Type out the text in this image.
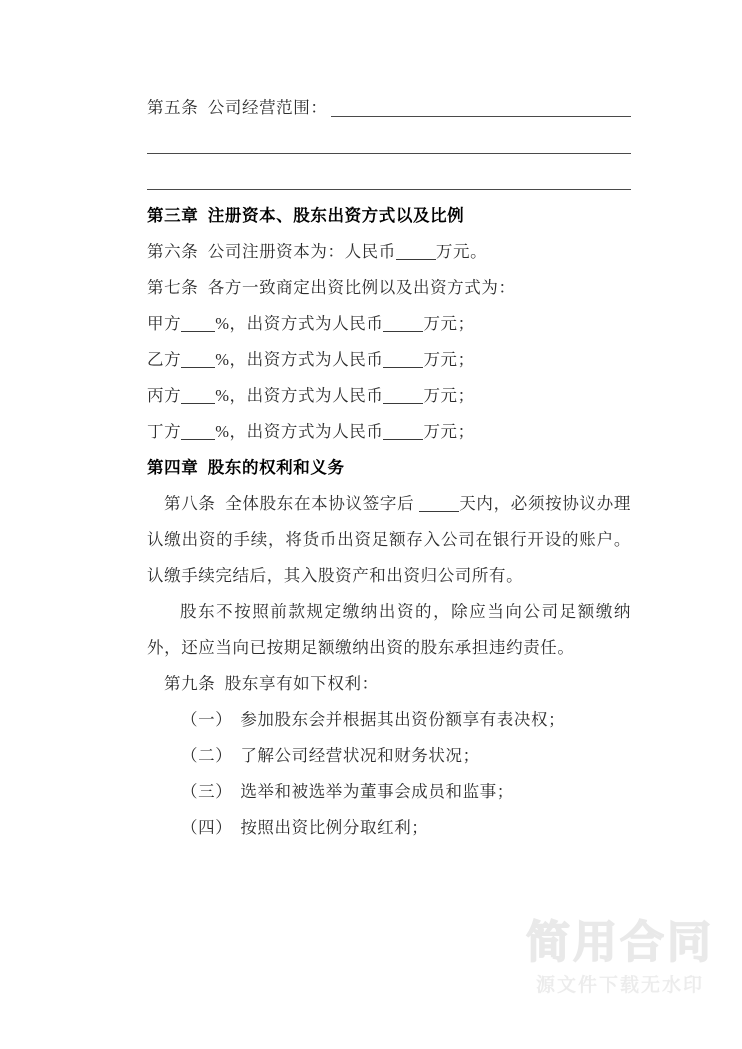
第五条 公司经营范围：
第三章 注册资本、股东出资方式以及比例
第六条 公司注册资本为：人民币 万元。
第七条 各方一致商定出资比例以及出资方式为：
甲方 %，出资方式为人民币 万元；
乙方 %，出资方式为人民币 万元；
丙方 %，出资方式为人民币 万元；
丁方 %，出资方式为人民币 万元；
第四章 股东的权利和义务
第八条 全体股东在本协议签字后	天内，必须按协议办理认缴出资的手续，将货币出资足额存入公司在银行开设的账户。认缴手续完结后，其入股资产和出资归公司所有。
股东不按照前款规定缴纳出资的，除应当向公司足额缴纳外，还应当向已按期足额缴纳出资的股东承担违约责任。
第九条 股东享有如下权利：
（一） 参加股东会并根据其出资份额享有表决权；
（二） 了解公司经营状况和财务状况；
（三） 选举和被选举为董事会成员和监事；
（四） 按照出资比例分取红利；
简用合同
源文件下载无水印
